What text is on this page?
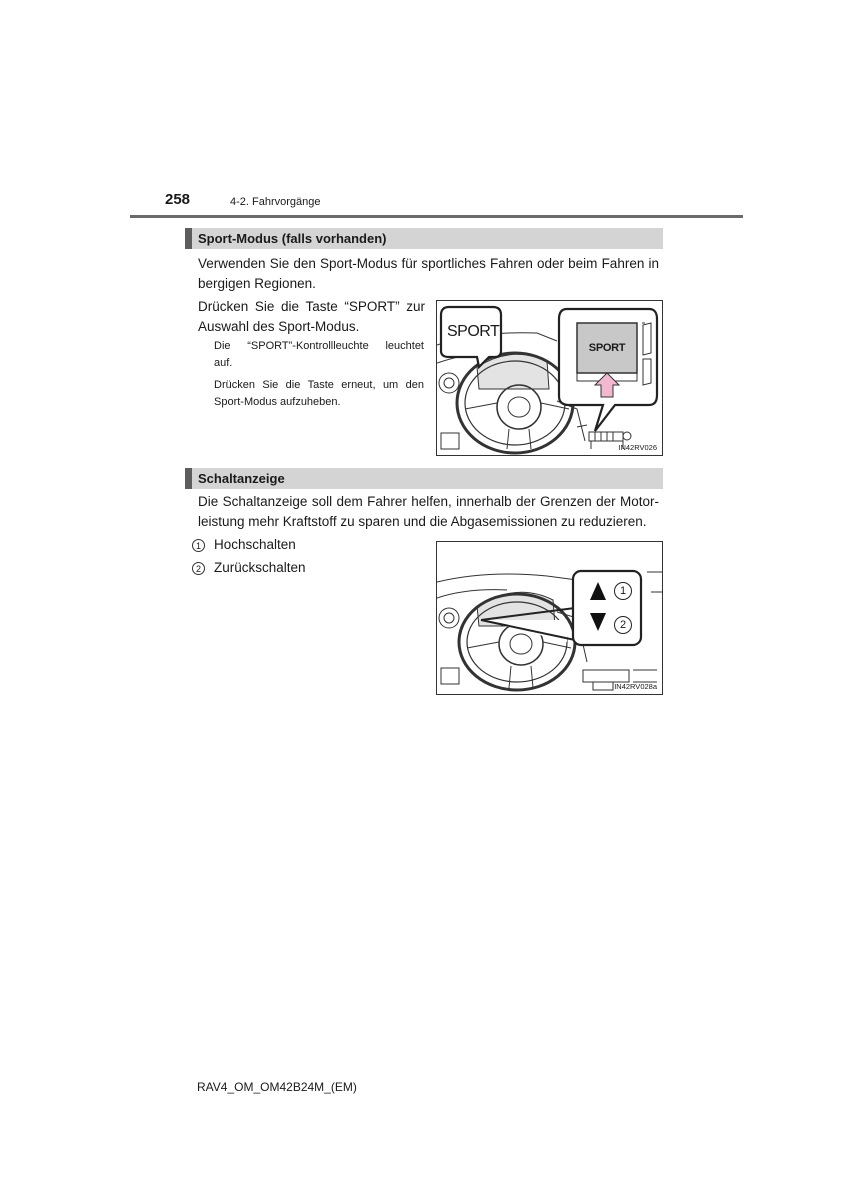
258	4-2. Fahrvorgänge
Sport-Modus (falls vorhanden)
Verwenden Sie den Sport-Modus für sportliches Fahren oder beim Fahren in
bergigen Regionen.
Drücken Sie die Taste “SPORT” zur
Auswahl des Sport-Modus.
Die “SPORT”-Kontrollleuchte leuchtet
auf.
Drücken Sie die Taste erneut, um den
Sport-Modus aufzuheben.
SPORT
SPORT
IN42RV026
Schaltanzeige
Die Schaltanzeige soll dem Fahrer helfen, innerhalb der Grenzen der Motor-
leistung mehr Kraftstoff zu sparen und die Abgasemissionen zu reduzieren.
1 Hochschalten
2 Zurückschalten
1
2
IN42RV028a
RAV4_OM_OM42B24M_(EM)
